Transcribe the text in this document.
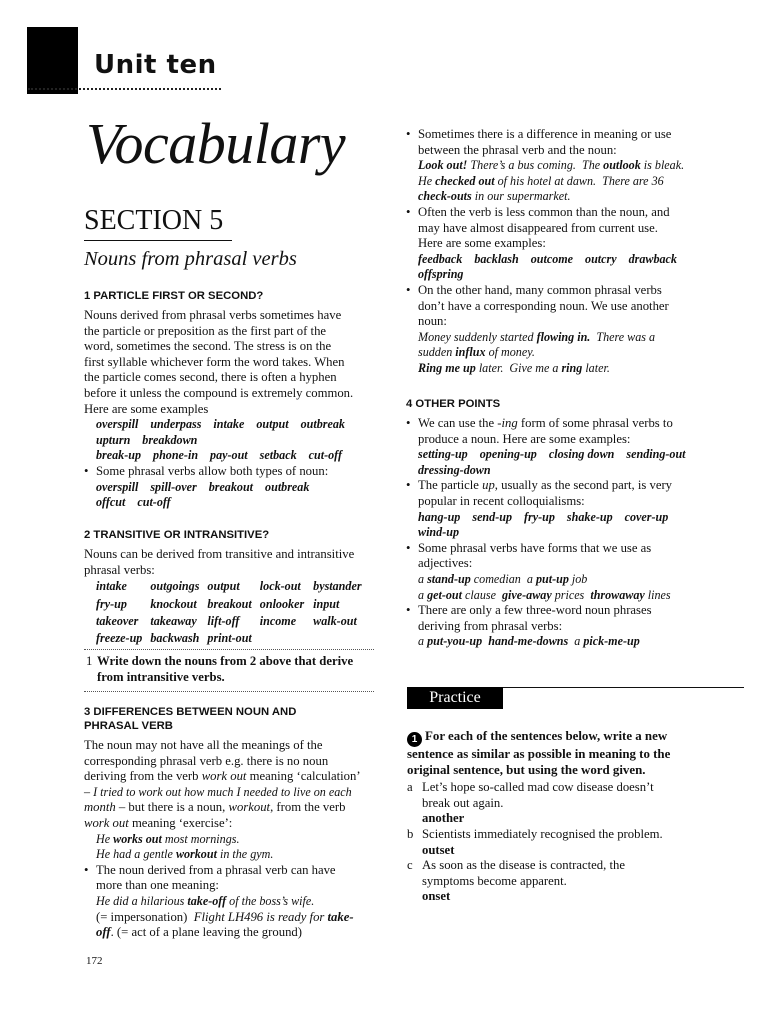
Unit ten
Vocabulary
SECTION 5
Nouns from phrasal verbs
1 PARTICLE FIRST OR SECOND?
Nouns derived from phrasal verbs sometimes have
the particle or preposition as the first part of the
word, sometimes the second. The stress is on the
first syllable whichever form the word takes. When
the particle comes second, there is often a hyphen
before it unless the compound is extremely common.
Here are some examples
overspill underpass intake output outbreak
upturn breakdown
break-up phone-in pay-out setback cut-off
• Some phrasal verbs allow both types of noun:
overspill spill-over breakout outbreak
offcut cut-off
2 TRANSITIVE OR INTRANSITIVE?
Nouns can be derived from transitive and intransitive
phrasal verbs:
intake	outgoings	output	lock-out	bystander
fry-up	knockout	breakout	onlooker	input
takeover	takeaway	lift-off	income	walk-out
freeze-up	backwash	print-out		
1 Write down the nouns from 2 above that derive
from intransitive verbs.
3 DIFFERENCES BETWEEN NOUN AND
PHRASAL VERB
The noun may not have all the meanings of the
corresponding phrasal verb e.g. there is no noun
deriving from the verb work out meaning ‘calculation’
– I tried to work out how much I needed to live on each
month – but there is a noun, workout, from the verb
work out meaning ‘exercise’:
He works out most mornings.
He had a gentle workout in the gym.
• The noun derived from a phrasal verb can have
more than one meaning:
He did a hilarious take-off of the boss’s wife.
(= impersonation) Flight LH496 is ready for take-
off. (= act of a plane leaving the ground)
• Sometimes there is a difference in meaning or use
between the phrasal verb and the noun:
Look out! There’s a bus coming. The outlook is bleak.
He checked out of his hotel at dawn. There are 36
check-outs in our supermarket.
• Often the verb is less common than the noun, and
may have almost disappeared from current use.
Here are some examples:
feedback backlash outcome outcry drawback
offspring
• On the other hand, many common phrasal verbs
don’t have a corresponding noun. We use another
noun:
Money suddenly started flowing in. There was a
sudden influx of money.
Ring me up later. Give me a ring later.
4 OTHER POINTS
• We can use the -ing form of some phrasal verbs to
produce a noun. Here are some examples:
setting-up opening-up closing down sending-out
dressing-down
• The particle up, usually as the second part, is very
popular in recent colloquialisms:
hang-up send-up fry-up shake-up cover-up
wind-up
• Some phrasal verbs have forms that we use as
adjectives:
a stand-up comedian a put-up job
a get-out clause give-away prices throwaway lines
• There are only a few three-word noun phrases
deriving from phrasal verbs:
a put-you-up hand-me-downs a pick-me-up
Practice
1 For each of the sentences below, write a new
sentence as similar as possible in meaning to the
original sentence, but using the word given.
a Let’s hope so-called mad cow disease doesn’t
break out again.
another
b Scientists immediately recognised the problem.
outset
c As soon as the disease is contracted, the
symptoms become apparent.
onset
172
